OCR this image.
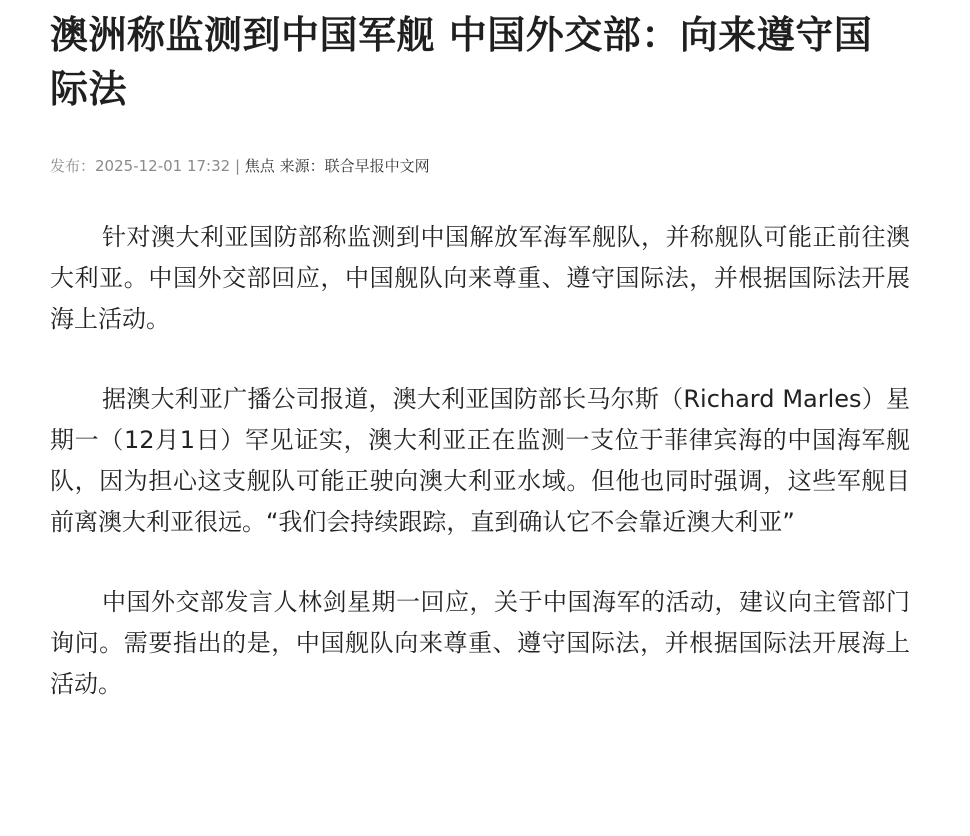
澳洲称监测到中国军舰 中国外交部：向来遵守国际法
发布：2025-12-01 17:32 | 焦点 来源：联合早报中文网

针对澳大利亚国防部称监测到中国解放军海军舰队，并称舰队可能正前往澳大利亚。中国外交部回应，中国舰队向来尊重、遵守国际法，并根据国际法开展海上活动。

据澳大利亚广播公司报道，澳大利亚国防部长马尔斯（Richard Marles）星期一（12月1日）罕见证实，澳大利亚正在监测一支位于菲律宾海的中国海军舰队，因为担心这支舰队可能正驶向澳大利亚水域。但他也同时强调，这些军舰目前离澳大利亚很远。“我们会持续跟踪，直到确认它不会靠近澳大利亚”

中国外交部发言人林剑星期一回应，关于中国海军的活动，建议向主管部门询问。需要指出的是，中国舰队向来尊重、遵守国际法，并根据国际法开展海上活动。
